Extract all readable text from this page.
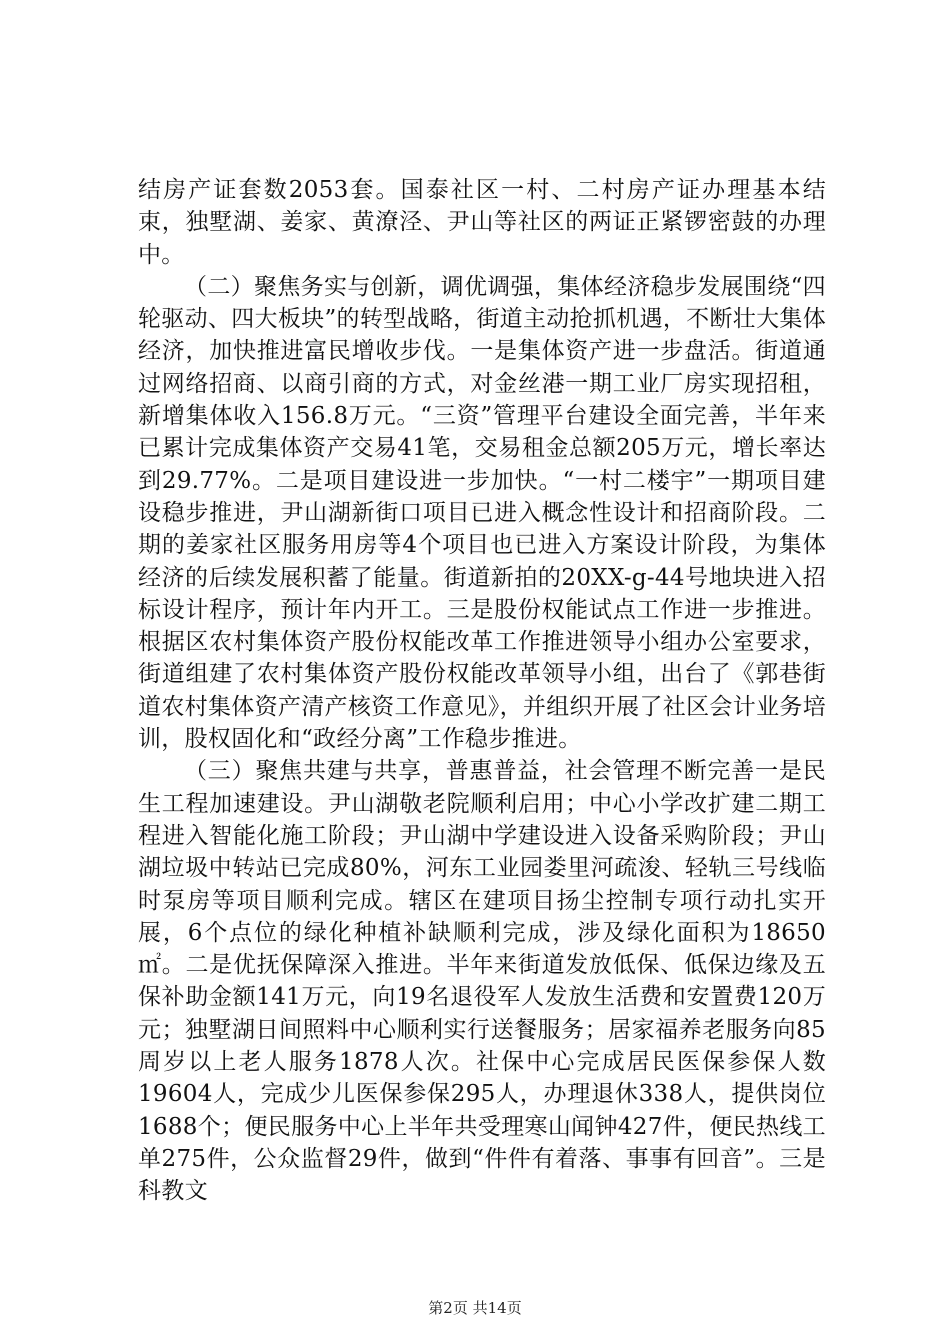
结房产证套数2053套。国泰社区一村、二村房产证办理基本结束，独墅湖、姜家、黄潦泾、尹山等社区的两证正紧锣密鼓的办理中。

（二）聚焦务实与创新，调优调强，集体经济稳步发展围绕“四轮驱动、四大板块”的转型战略，街道主动抢抓机遇，不断壮大集体经济，加快推进富民增收步伐。一是集体资产进一步盘活。街道通过网络招商、以商引商的方式，对金丝港一期工业厂房实现招租，新增集体收入156.8万元。“三资”管理平台建设全面完善，半年来已累计完成集体资产交易41笔，交易租金总额205万元，增长率达到29.77%。二是项目建设进一步加快。“一村二楼宇”一期项目建设稳步推进，尹山湖新街口项目已进入概念性设计和招商阶段。二期的姜家社区服务用房等4个项目也已进入方案设计阶段，为集体经济的后续发展积蓄了能量。街道新拍的20XX-g-44号地块进入招标设计程序，预计年内开工。三是股份权能试点工作进一步推进。根据区农村集体资产股份权能改革工作推进领导小组办公室要求，街道组建了农村集体资产股份权能改革领导小组，出台了《郭巷街道农村集体资产清产核资工作意见》，并组织开展了社区会计业务培训，股权固化和“政经分离”工作稳步推进。

（三）聚焦共建与共享，普惠普益，社会管理不断完善一是民生工程加速建设。尹山湖敬老院顺利启用；中心小学改扩建二期工程进入智能化施工阶段；尹山湖中学建设进入设备采购阶段；尹山湖垃圾中转站已完成80%，河东工业园娄里河疏浚、轻轨三号线临时泵房等项目顺利完成。辖区在建项目扬尘控制专项行动扎实开展，6个点位的绿化种植补缺顺利完成，涉及绿化面积为18650㎡。二是优抚保障深入推进。半年来街道发放低保、低保边缘及五保补助金额141万元，向19名退役军人发放生活费和安置费120万元；独墅湖日间照料中心顺利实行送餐服务；居家福养老服务向85周岁以上老人服务1878人次。社保中心完成居民医保参保人数19604人，完成少儿医保参保295人，办理退休338人，提供岗位1688个；便民服务中心上半年共受理寒山闻钟427件，便民热线工单275件，公众监督29件，做到“件件有着落、事事有回音”。三是科教文

第2页 共14页
